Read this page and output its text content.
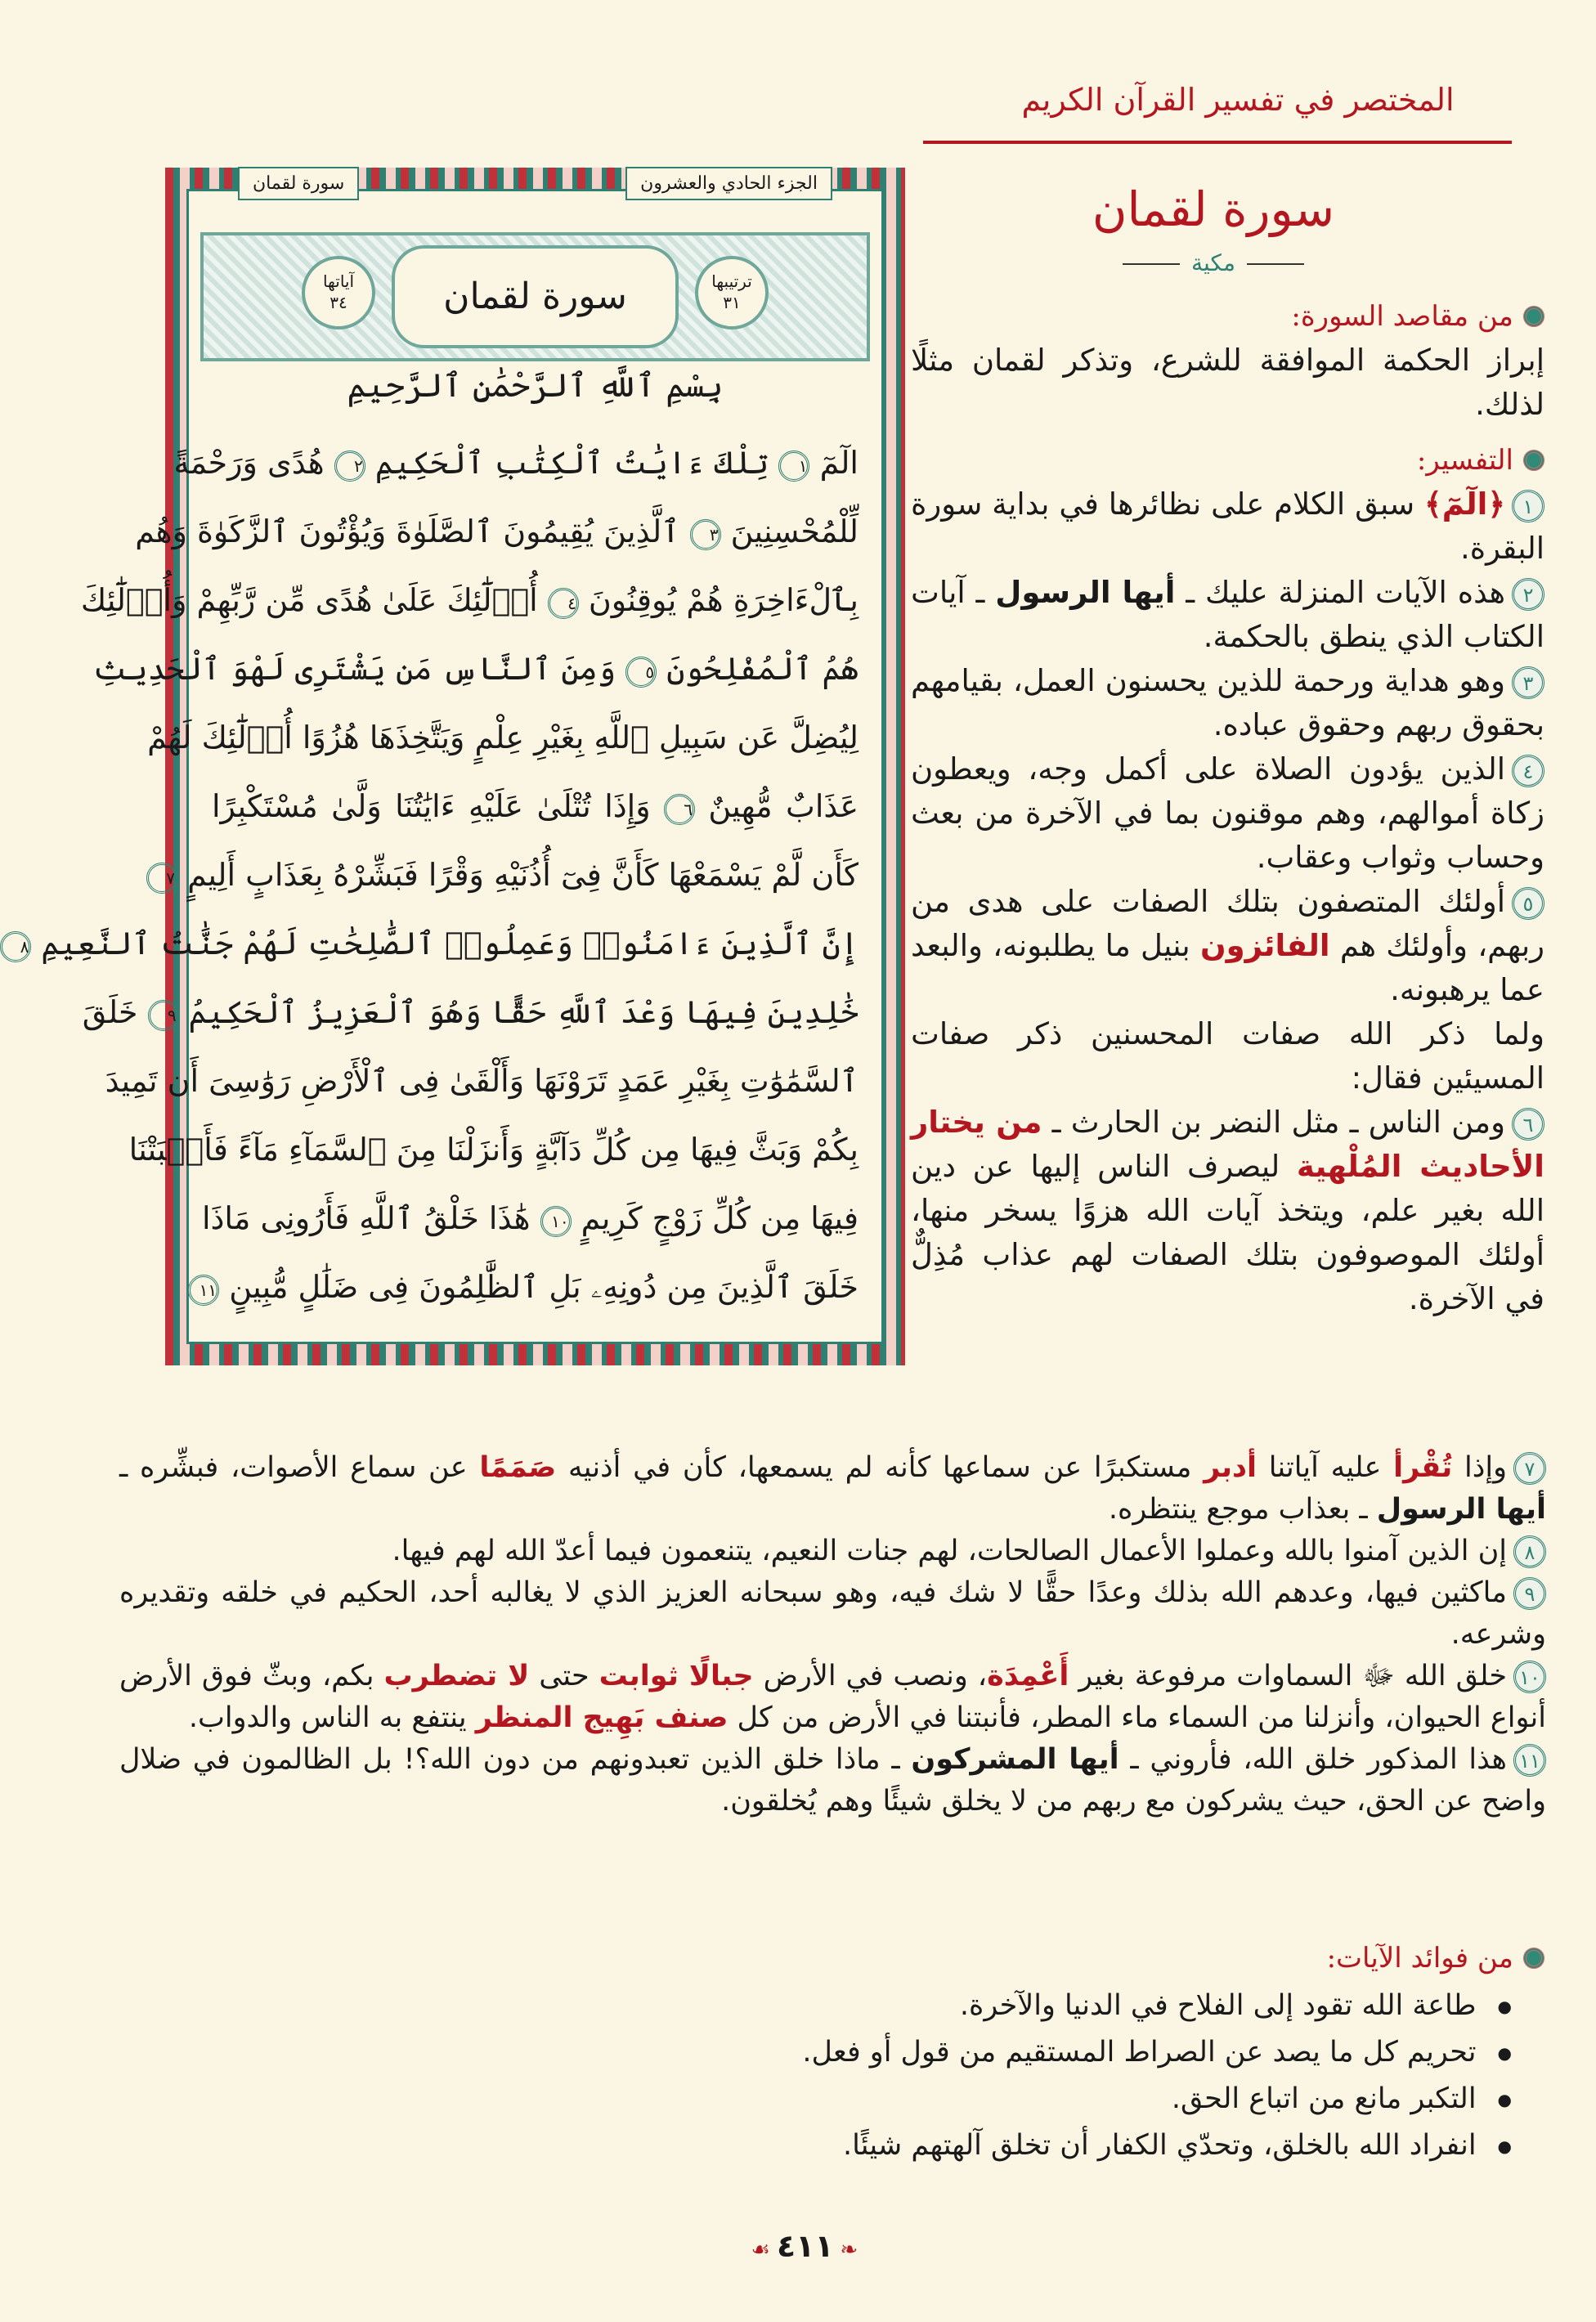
المختصر في تفسير القرآن الكريم
الجزء الحادي والعشرون
سورة لقمان
ترتيبها
٣١
سورة لقمان
آياتها
٣٤
بِسْمِ ٱللَّهِ ٱلرَّحْمَٰنِ ٱلرَّحِيمِ
الٓمٓ ١ تِلْكَ ءَايَٰتُ ٱلْكِتَٰبِ ٱلْحَكِيمِ ٢ هُدًى وَرَحْمَةً
لِّلْمُحْسِنِينَ ٣ ٱلَّذِينَ يُقِيمُونَ ٱلصَّلَوٰةَ وَيُؤْتُونَ ٱلزَّكَوٰةَ وَهُم
بِٱلْءَاخِرَةِ هُمْ يُوقِنُونَ ٤ أُو۟لَٰٓئِكَ عَلَىٰ هُدًى مِّن رَّبِّهِمْ وَأُو۟لَٰٓئِكَ
هُمُ ٱلْمُفْلِحُونَ ٥ وَمِنَ ٱلنَّاسِ مَن يَشْتَرِى لَهْوَ ٱلْحَدِيثِ
لِيُضِلَّ عَن سَبِيلِ ٱللَّهِ بِغَيْرِ عِلْمٍ وَيَتَّخِذَهَا هُزُوًا أُو۟لَٰٓئِكَ لَهُمْ
عَذَابٌ مُّهِينٌ ٦ وَإِذَا تُتْلَىٰ عَلَيْهِ ءَايَٰتُنَا وَلَّىٰ مُسْتَكْبِرًا
كَأَن لَّمْ يَسْمَعْهَا كَأَنَّ فِىٓ أُذُنَيْهِ وَقْرًا فَبَشِّرْهُ بِعَذَابٍ أَلِيمٍ ٧
إِنَّ ٱلَّذِينَ ءَامَنُوا۟ وَعَمِلُوا۟ ٱلصَّٰلِحَٰتِ لَهُمْ جَنَّٰتُ ٱلنَّعِيمِ ٨
خَٰلِدِينَ فِيهَا وَعْدَ ٱللَّهِ حَقًّا وَهُوَ ٱلْعَزِيزُ ٱلْحَكِيمُ ٩ خَلَقَ
ٱلسَّمَٰوَٰتِ بِغَيْرِ عَمَدٍ تَرَوْنَهَا وَأَلْقَىٰ فِى ٱلْأَرْضِ رَوَٰسِىَ أَن تَمِيدَ
بِكُمْ وَبَثَّ فِيهَا مِن كُلِّ دَآبَّةٍ وَأَنزَلْنَا مِنَ ٱلسَّمَآءِ مَآءً فَأَنۢبَتْنَا
فِيهَا مِن كُلِّ زَوْجٍ كَرِيمٍ ١٠ هَٰذَا خَلْقُ ٱللَّهِ فَأَرُونِى مَاذَا
خَلَقَ ٱلَّذِينَ مِن دُونِهِۦ بَلِ ٱلظَّٰلِمُونَ فِى ضَلَٰلٍ مُّبِينٍ ١١
سورة لقمان
مكية
من مقاصد السورة:

إبراز الحكمة الموافقة للشرع، وتذكر لقمان مثلًا لذلك.

التفسير:

١﴿الٓمٓ﴾ سبق الكلام على نظائرها في بداية سورة البقرة.

٢هذه الآيات المنزلة عليك ـ أيها الرسول ـ آيات الكتاب الذي ينطق بالحكمة.

٣وهو هداية ورحمة للذين يحسنون العمل، بقيامهم بحقوق ربهم وحقوق عباده.

٤الذين يؤدون الصلاة على أكمل وجه، ويعطون زكاة أموالهم، وهم موقنون بما في الآخرة من بعث وحساب وثواب وعقاب.

٥أولئك المتصفون بتلك الصفات على هدى من ربهم، وأولئك هم الفائزون بنيل ما يطلبونه، والبعد عما يرهبونه.

ولما ذكر الله صفات المحسنين ذكر صفات المسيئين فقال:

٦ومن الناس ـ مثل النضر بن الحارث ـ من يختار الأحاديث المُلْهية ليصرف الناس إليها عن دين الله بغير علم، ويتخذ آيات الله هزوًا يسخر منها، أولئك الموصوفون بتلك الصفات لهم عذاب مُذِلٌّ في الآخرة.

٧وإذا تُقْرأ عليه آياتنا أدبر مستكبرًا عن سماعها كأنه لم يسمعها، كأن في أذنيه صَمَمًا عن سماع الأصوات، فبشِّره ـ أيها الرسول ـ بعذاب موجع ينتظره.

٨إن الذين آمنوا بالله وعملوا الأعمال الصالحات، لهم جنات النعيم، يتنعمون فيما أعدّ الله لهم فيها.

٩ماكثين فيها، وعدهم الله بذلك وعدًا حقًّا لا شك فيه، وهو سبحانه العزيز الذي لا يغالبه أحد، الحكيم في خلقه وتقديره وشرعه.

١٠خلق الله ﷻ السماوات مرفوعة بغير أَعْمِدَة، ونصب في الأرض جبالًا ثوابت حتى لا تضطرب بكم، وبثّ فوق الأرض أنواع الحيوان، وأنزلنا من السماء ماء المطر، فأنبتنا في الأرض من كل صنف بَهِيج المنظر ينتفع به الناس والدواب.

١١هذا المذكور خلق الله، فأروني ـ أيها المشركون ـ ماذا خلق الذين تعبدونهم من دون الله؟! بل الظالمون في ضلال واضح عن الحق، حيث يشركون مع ربهم من لا يخلق شيئًا وهم يُخلقون.

من فوائد الآيات:
● طاعة الله تقود إلى الفلاح في الدنيا والآخرة.
● تحريم كل ما يصد عن الصراط المستقيم من قول أو فعل.
● التكبر مانع من اتباع الحق.
● انفراد الله بالخلق، وتحدّي الكفار أن تخلق آلهتهم شيئًا.
❧٤١١☙
